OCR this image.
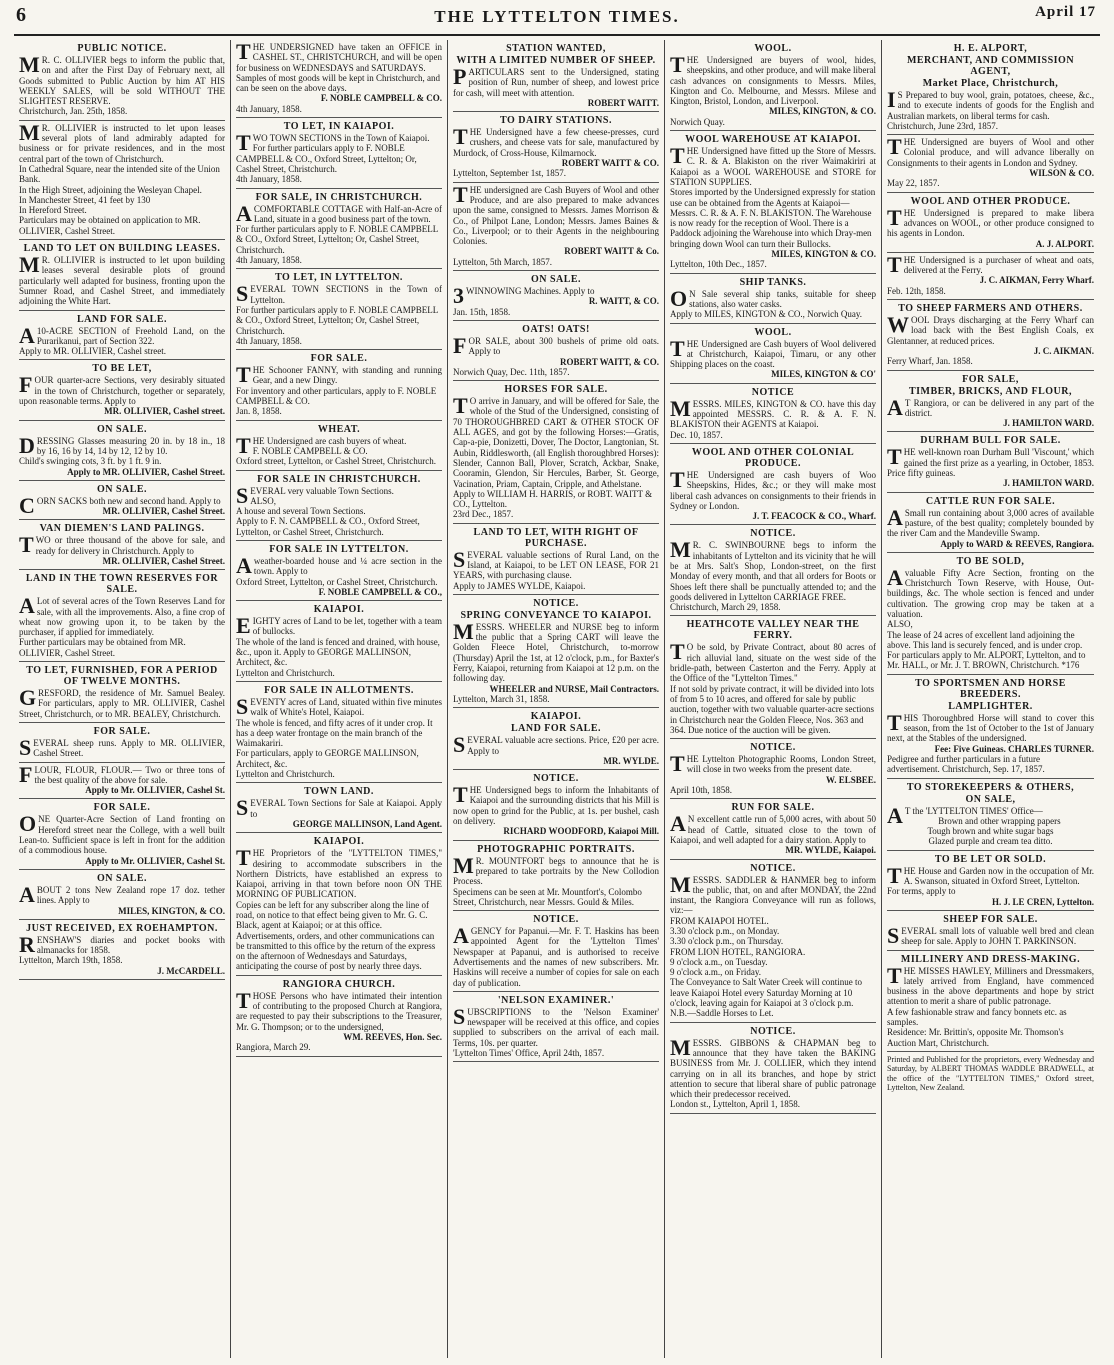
6	THE LYTTELTON TIMES.	April 17
PUBLIC NOTICE.

MR. C. OLLIVIER begs to inform the public that, on and after the First Day of February next, all Goods submitted to Public Auction by him AT HIS WEEKLY SALES, will be sold WITHOUT THE SLIGHTEST RESERVE.

Christchurch, Jan. 25th, 1858.

MR. OLLIVIER is instructed to let upon leases several plots of land admirably adapted for business or for private residences, and in the most central part of the town of Christchurch.

In Cathedral Square, near the intended site of the Union Bank.

In the High Street, adjoining the Wesleyan Chapel.

In Manchester Street, 41 feet by 130

In Hereford Street.

Particulars may be obtained on application to MR. OLLIVIER, Cashel Street.

LAND TO LET ON BUILDING LEASES.

MR. OLLIVIER is instructed to let upon building leases several desirable plots of ground particularly well adapted for business, fronting upon the Sumner Road, and Cashel Street, and immediately adjoining the White Hart.

LAND FOR SALE.

A10-ACRE SECTION of Freehold Land, on the Purarikanui, part of Section 322.

Apply to MR. OLLIVIER, Cashel street.

TO BE LET,

FOUR quarter-acre Sections, very desirably situated in the town of Christchurch, together or separately, upon reasonable terms. Apply to

MR. OLLIVIER, Cashel street.

ON SALE.

DRESSING Glasses measuring 20 in. by 18 in., 18 by 16, 16 by 14, 14 by 12, 12 by 10.

Child's swinging cots, 3 ft. by 1 ft. 9 in.

Apply to MR. OLLIVIER, Cashel Street.

ON SALE.

CORN SACKS both new and second hand. Apply to

MR. OLLIVIER, Cashel Street.

VAN DIEMEN'S LAND PALINGS.

TWO or three thousand of the above for sale, and ready for delivery in Christchurch. Apply to

MR. OLLIVIER, Cashel Street.

LAND IN THE TOWN RESERVES FOR SALE.

ALot of several acres of the Town Reserves Land for sale, with all the improvements. Also, a fine crop of wheat now growing upon it, to be taken by the purchaser, if applied for immediately.

Further particulars may be obtained from MR. OLLIVIER, Cashel Street.

TO LET, FURNISHED, FOR A PERIOD OF TWELVE MONTHS.

GRESFORD, the residence of Mr. Samuel Bealey. For particulars, apply to MR. OLLIVIER, Cashel Street, Christchurch, or to MR. BEALEY, Christchurch.

FOR SALE.

SEVERAL sheep runs. Apply to MR. OLLIVIER, Cashel Street.

FLOUR, FLOUR, FLOUR.— Two or three tons of the best quality of the above for sale.

Apply to Mr. OLLIVIER, Cashel St.

FOR SALE.

ONE Quarter-Acre Section of Land fronting on Hereford street near the College, with a well built Lean-to. Sufficient space is left in front for the addition of a commodious house.

Apply to Mr. OLLIVIER, Cashel St.

ON SALE.

ABOUT 2 tons New Zealand rope 17 doz. tether lines. Apply to

MILES, KINGTON, & CO.

JUST RECEIVED, EX ROEHAMPTON.

RENSHAW'S diaries and pocket books with almanacks for 1858.

Lyttelton, March 19th, 1858.

J. McCARDELL.

THE UNDERSIGNED have taken an OFFICE in CASHEL ST., CHRISTCHURCH, and will be open for business on WEDNESDAYS and SATURDAYS.

Samples of most goods will be kept in Christchurch, and can be seen on the above days.

F. NOBLE CAMPBELL & CO.

4th January, 1858.

TO LET, IN KAIAPOI.

TWO TOWN SECTIONS in the Town of Kaiapoi.

For further particulars apply to F. NOBLE CAMPBELL & CO., Oxford Street, Lyttelton; Or, Cashel Street, Christchurch.

4th January, 1858.

FOR SALE, IN CHRISTCHURCH.

ACOMFORTABLE COTTAGE with Half-an-Acre of Land, situate in a good business part of the town.

For further particulars apply to F. NOBLE CAMPBELL & CO., Oxford Street, Lyttelton; Or, Cashel Street, Christchurch.

4th January, 1858.

TO LET, IN LYTTELTON.

SEVERAL TOWN SECTIONS in the Town of Lyttelton.

For further particulars apply to F. NOBLE CAMPBELL & CO., Oxford Street, Lyttelton; Or, Cashel Street, Christchurch.

4th January, 1858.

FOR SALE.

THE Schooner FANNY, with standing and running Gear, and a new Dingy.

For inventory and other particulars, apply to F. NOBLE CAMPBELL & CO.

Jan. 8, 1858.

WHEAT.

THE Undersigned are cash buyers of wheat.

F. NOBLE CAMPBELL & CO.

Oxford street, Lyttelton, or Cashel Street, Christchurch.

FOR SALE IN CHRISTCHURCH.

SEVERAL very valuable Town Sections.

ALSO,

A house and several Town Sections.

Apply to F. N. CAMPBELL & CO., Oxford Street, Lyttelton, or Cashel Street, Christchurch.

FOR SALE IN LYTTELTON.

Aweather-boarded house and ¼ acre section in the town. Apply to

Oxford Street, Lyttelton, or Cashel Street, Christchurch.

F. NOBLE CAMPBELL & CO.,

KAIAPOI.

EIGHTY acres of Land to be let, together with a team of bullocks.

The whole of the land is fenced and drained, with house, &c., upon it. Apply to GEORGE MALLINSON, Architect, &c.

Lyttelton and Christchurch.

FOR SALE IN ALLOTMENTS.

SEVENTY acres of Land, situated within five minutes walk of White's Hotel, Kaiapoi.

The whole is fenced, and fifty acres of it under crop. It has a deep water frontage on the main branch of the Waimakariri.

For particulars, apply to GEORGE MALLINSON, Architect, &c.

Lyttelton and Christchurch.

TOWN LAND.

SEVERAL Town Sections for Sale at Kaiapoi. Apply to

GEORGE MALLINSON, Land Agent.

KAIAPOI.

THE Proprietors of the "LYTTELTON TIMES," desiring to accommodate subscribers in the Northern Districts, have established an express to Kaiapoi, arriving in that town before noon ON THE MORNING OF PUBLICATION.

Copies can be left for any subscriber along the line of road, on notice to that effect being given to Mr. G. C. Black, agent at Kaiapoi; or at this office.

Advertisements, orders, and other communications can be transmitted to this office by the return of the express on the afternoon of Wednesdays and Saturdays, anticipating the course of post by nearly three days.

RANGIORA CHURCH.

THOSE Persons who have intimated their intention of contributing to the proposed Church at Rangiora, are requested to pay their subscriptions to the Treasurer, Mr. G. Thompson; or to the undersigned,

WM. REEVES, Hon. Sec.

Rangiora, March 29.

STATION WANTED,
WITH A LIMITED NUMBER OF SHEEP.

PARTICULARS sent to the Undersigned, stating position of Run, number of sheep, and lowest price for cash, will meet with attention.

ROBERT WAITT.

TO DAIRY STATIONS.

THE Undersigned have a few cheese-presses, curd crushers, and cheese vats for sale, manufactured by Murdock, of Cross-House, Kilmarnock.

ROBERT WAITT & CO.

Lyttelton, September 1st, 1857.

THE undersigned are Cash Buyers of Wool and other Produce, and are also prepared to make advances upon the same, consigned to Messrs. James Morrison & Co., of Philpot Lane, London; Messrs. James Baines & Co., Liverpool; or to their Agents in the neighbouring Colonies.

ROBERT WAITT & Co.

Lyttelton, 5th March, 1857.

ON SALE.

3WINNOWING Machines. Apply to

R. WAITT, & CO.

Jan. 15th, 1858.

OATS! OATS!

FOR SALE, about 300 bushels of prime old oats. Apply to

ROBERT WAITT, & CO.

Norwich Quay, Dec. 11th, 1857.

HORSES FOR SALE.

TO arrive in January, and will be offered for Sale, the whole of the Stud of the Undersigned, consisting of 70 THOROUGHBRED CART & OTHER STOCK OF ALL AGES, and got by the following Horses:—Gratis, Cap-a-pie, Donizetti, Dover, The Doctor, Langtonian, St. Aubin, Riddlesworth, (all English thoroughbred Horses): Slender, Cannon Ball, Plover, Scratch, Ackbar, Snake, Cooramin, Glendon, Sir Hercules, Barber, St. George, Vacination, Priam, Captain, Cripple, and Athelstane.

Apply to WILLIAM H. HARRIS, or ROBT. WAITT & CO., Lyttelton.

23rd Dec., 1857.

LAND TO LET, WITH RIGHT OF PURCHASE.

SEVERAL valuable sections of Rural Land, on the Island, at Kaiapoi, to be LET ON LEASE, FOR 21 YEARS, with purchasing clause.

Apply to JAMES WYLDE, Kaiapoi.

NOTICE.
SPRING CONVEYANCE TO KAIAPOI.

MESSRS. WHEELER and NURSE beg to inform the public that a Spring CART will leave the Golden Fleece Hotel, Christchurch, to-morrow (Thursday) April the 1st, at 12 o'clock, p.m., for Baxter's Ferry, Kaiapoi, returning from Kaiapoi at 12 p.m. on the following day.

WHEELER and NURSE, Mail Contractors.

Lyttelton, March 31, 1858.

KAIAPOI.
LAND FOR SALE.

SEVERAL valuable acre sections. Price, £20 per acre. Apply to

MR. WYLDE.

NOTICE.

THE Undersigned begs to inform the Inhabitants of Kaiapoi and the surrounding districts that his Mill is now open to grind for the Public, at 1s. per bushel, cash on delivery.

RICHARD WOODFORD, Kaiapoi Mill.

PHOTOGRAPHIC PORTRAITS.

MR. MOUNTFORT begs to announce that he is prepared to take portraits by the New Collodion Process.

Specimens can be seen at Mr. Mountfort's, Colombo Street, Christchurch, near Messrs. Gould & Miles.

NOTICE.

AGENCY for Papanui.—Mr. F. T. Haskins has been appointed Agent for the 'Lyttelton Times' Newspaper at Papanui, and is authorised to receive Advertisements and the names of new subscribers. Mr. Haskins will receive a number of copies for sale on each day of publication.

'NELSON EXAMINER.'

SUBSCRIPTIONS to the 'Nelson Examiner' newspaper will be received at this office, and copies supplied to subscribers on the arrival of each mail. Terms, 10s. per quarter.

'Lyttelton Times' Office, April 24th, 1857.

WOOL.

THE Undersigned are buyers of wool, hides, sheepskins, and other produce, and will make liberal cash advances on consignments to Messrs. Miles, Kington and Co. Melbourne, and Messrs. Milese and Kington, Bristol, London, and Liverpool.

MILES, KINGTON, & CO.

Norwich Quay.

WOOL WAREHOUSE AT KAIAPOI.

THE Undersigned have fitted up the Store of Messrs. C. R. & A. Blakiston on the river Waimakiriri at Kaiapoi as a WOOL WAREHOUSE and STORE for STATION SUPPLIES.

Stores imported by the Undersigned expressly for station use can be obtained from the Agents at Kaiapoi—Messrs. C. R. & A. F. N. BLAKISTON. The Warehouse is now ready for the reception of Wool. There is a Paddock adjoining the Warehouse into which Dray-men bringing down Wool can turn their Bullocks.

MILES, KINGTON & CO.

Lyttelton, 10th Dec., 1857.

SHIP TANKS.

ON Sale several ship tanks, suitable for sheep stations, also water casks.

Apply to MILES, KINGTON & CO., Norwich Quay.

WOOL.

THE Undersigned are Cash buyers of Wool delivered at Christchurch, Kaiapoi, Timaru, or any other Shipping places on the coast.

MILES, KINGTON & CO'

NOTICE

MESSRS. MILES, KINGTON & CO. have this day appointed MESSRS. C. R. & A. F. N. BLAKISTON their AGENTS at Kaiapoi.

Dec. 10, 1857.

WOOL AND OTHER COLONIAL PRODUCE.

THE Undersigned are cash buyers of Woo Sheepskins, Hides, &c.; or they will make most liberal cash advances on consignments to their friends in Sydney or London.

J. T. FEACOCK & CO., Wharf.

NOTICE.

MR. C. SWINBOURNE begs to inform the inhabitants of Lyttelton and its vicinity that he will be at Mrs. Salt's Shop, London-street, on the first Monday of every month, and that all orders for Boots or Shoes left there shall be punctually attended to; and the goods delivered in Lyttelton CARRIAGE FREE.

Christchurch, March 29, 1858.

HEATHCOTE VALLEY NEAR THE FERRY.

TO be sold, by Private Contract, about 80 acres of rich alluvial land, situate on the west side of the bridle-path, between Casterton and the Ferry. Apply at the Office of the "Lyttelton Times."

If not sold by private contract, it will be divided into lots of from 5 to 10 acres, and offered for sale by public auction, together with two valuable quarter-acre sections in Christchurch near the Golden Fleece, Nos. 363 and 364. Due notice of the auction will be given.

NOTICE.

THE Lyttelton Photographic Rooms, London Street, will close in two weeks from the present date.

W. ELSBEE.

April 10th, 1858.

RUN FOR SALE.

AN excellent cattle run of 5,000 acres, with about 50 head of Cattle, situated close to the town of Kaiapoi, and well adapted for a dairy station. Apply to

MR. WYLDE, Kaiapoi.

NOTICE.

MESSRS. SADDLER & HANMER beg to inform the public, that, on and after MONDAY, the 22nd instant, the Rangiora Conveyance will run as follows, viz:—

FROM KAIAPOI HOTEL.

3.30 o'clock p.m., on Monday.

3.30 o'clock p.m., on Thursday.

FROM LION HOTEL, RANGIORA.

9 o'clock a.m., on Tuesday.

9 o'clock a.m., on Friday.

The Conveyance to Salt Water Creek will continue to leave Kaiapoi Hotel every Saturday Morning at 10 o'clock, leaving again for Kaiapoi at 3 o'clock p.m.

N.B.—Saddle Horses to Let.

NOTICE.

MESSRS. GIBBONS & CHAPMAN beg to announce that they have taken the BAKING BUSINESS from Mr. J. COLLIER, which they intend carrying on in all its branches, and hope by strict attention to secure that liberal share of public patronage which their predecessor received.

London st., Lyttelton, April 1, 1858.

H. E. ALPORT,
MERCHANT, AND COMMISSION AGENT,
Market Place, Christchurch,

IS Prepared to buy wool, grain, potatoes, cheese, &c., and to execute indents of goods for the English and Australian markets, on liberal terms for cash.

Christchurch, June 23rd, 1857.

THE Undersigned are buyers of Wool and other Colonial produce, and will advance liberally on Consignments to their agents in London and Sydney.

WILSON & CO.

May 22, 1857.

WOOL AND OTHER PRODUCE.

THE Undersigned is prepared to make libera advances on WOOL, or other produce consigned to his agents in London.

A. J. ALPORT.

THE Undersigned is a purchaser of wheat and oats, delivered at the Ferry.

J. C. AIKMAN, Ferry Wharf.

Feb. 12th, 1858.

TO SHEEP FARMERS AND OTHERS.

WOOL Drays discharging at the Ferry Wharf can load back with the Best English Coals, ex Glentanner, at reduced prices.

J. C. AIKMAN.

Ferry Wharf, Jan. 1858.

FOR SALE,
TIMBER, BRICKS, AND FLOUR,

AT Rangiora, or can be delivered in any part of the district.

J. HAMILTON WARD.

DURHAM BULL FOR SALE.

THE well-known roan Durham Bull 'Viscount,' which gained the first prize as a yearling, in October, 1853. Price fifty guineas.

J. HAMILTON WARD.

CATTLE RUN FOR SALE.

ASmall run containing about 3,000 acres of available pasture, of the best quality; completely bounded by the river Cam and the Mandeville Swamp.

Apply to WARD & REEVES, Rangiora.

TO BE SOLD,

Avaluable Fifty Acre Section, fronting on the Christchurch Town Reserve, with House, Out-buildings, &c. The whole section is fenced and under cultivation. The growing crop may be taken at a valuation.

ALSO,

The lease of 24 acres of excellent land adjoining the above. This land is securely fenced, and is under crop.

For particulars apply to Mr. ALPORT, Lyttelton, and to Mr. HALL, or Mr. J. T. BROWN, Christchurch. *176

TO SPORTSMEN AND HORSE BREEDERS.
LAMPLIGHTER.

THIS Thoroughbred Horse will stand to cover this season, from the 1st of October to the 1st of January next, at the Stables of the undersigned.

Fee: Five Guineas. CHARLES TURNER.

Pedigree and further particulars in a future advertisement. Christchurch, Sep. 17, 1857.

TO STOREKEEPERS & OTHERS,
ON SALE,

AT the 'LYTTELTON TIMES' Office—

Brown and other wrapping papers

Tough brown and white sugar bags

Glazed purple and cream tea ditto.

TO BE LET OR SOLD.

THE House and Garden now in the occupation of Mr. A. Swanson, situated in Oxford Street, Lyttelton.

For terms, apply to

H. J. LE CREN, Lyttelton.

SHEEP FOR SALE.

SEVERAL small lots of valuable well bred and clean sheep for sale. Apply to JOHN T. PARKINSON.

MILLINERY AND DRESS-MAKING.

THE MISSES HAWLEY, Milliners and Dressmakers, lately arrived from England, have commenced business in the above departments and hope by strict attention to merit a share of public patronage.

A few fashionable straw and fancy bonnets etc. as samples.

Residence: Mr. Brittin's, opposite Mr. Thomson's Auction Mart, Christchurch.

Printed and Published for the proprietors, every Wednesday and Saturday, by ALBERT THOMAS WADDLE BRADWELL, at the office of the "LYTTELTON TIMES," Oxford street, Lyttelton, New Zealand.
